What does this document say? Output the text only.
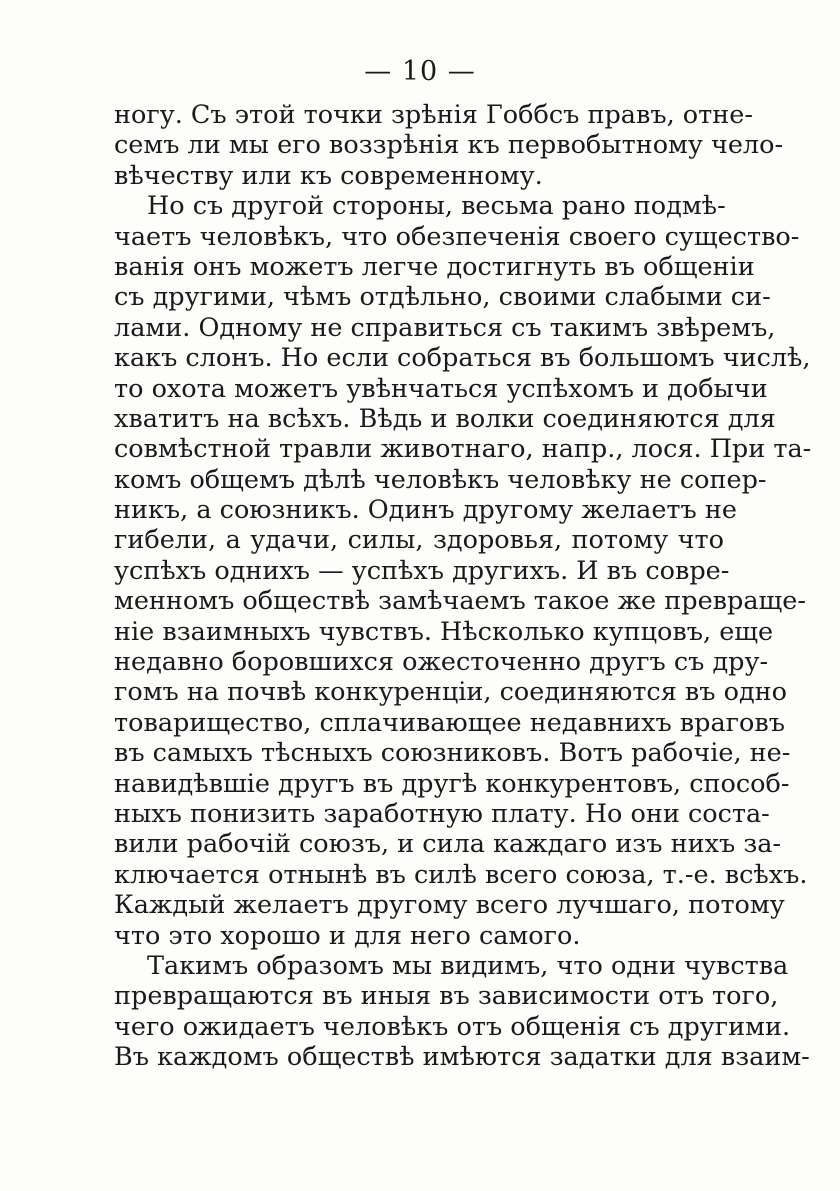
— 10 —
ногу. Съ этой точки зрѣнія Гоббсъ правъ, отне-
семъ ли мы его воззрѣнія къ первобытному чело-
вѣчеству или къ современному.
Но съ другой стороны, весьма рано подмѣ-
чаетъ человѣкъ, что обезпеченія своего существо-
ванія онъ можетъ легче достигнуть въ общеніи
съ другими, чѣмъ отдѣльно, своими слабыми си-
лами. Одному не справиться съ такимъ звѣремъ,
какъ слонъ. Но если собраться въ большомъ числѣ,
то охота можетъ увѣнчаться успѣхомъ и добычи
хватитъ на всѣхъ. Вѣдь и волки соединяются для
совмѣстной травли животнаго, напр., лося. При та-
комъ общемъ дѣлѣ человѣкъ человѣку не сопер-
никъ, а союзникъ. Одинъ другому желаетъ не
гибели, а удачи, силы, здоровья, потому что
успѣхъ однихъ — успѣхъ другихъ. И въ совре-
менномъ обществѣ замѣчаемъ такое же превраще-
ніе взаимныхъ чувствъ. Нѣсколько купцовъ, еще
недавно боровшихся ожесточенно другъ съ дру-
гомъ на почвѣ конкуренціи, соединяются въ одно
товарищество, сплачивающее недавнихъ враговъ
въ самыхъ тѣсныхъ союзниковъ. Вотъ рабочіе, не-
навидѣвшіе другъ въ другѣ конкурентовъ, способ-
ныхъ понизить заработную плату. Но они соста-
вили рабочій союзъ, и сила каждаго изъ нихъ за-
ключается отнынѣ въ силѣ всего союза, т.-е. всѣхъ.
Каждый желаетъ другому всего лучшаго, потому
что это хорошо и для него самого.
Такимъ образомъ мы видимъ, что одни чувства
превращаются въ иныя въ зависимости отъ того,
чего ожидаетъ человѣкъ отъ общенія съ другими.
Въ каждомъ обществѣ имѣются задатки для взаим-
